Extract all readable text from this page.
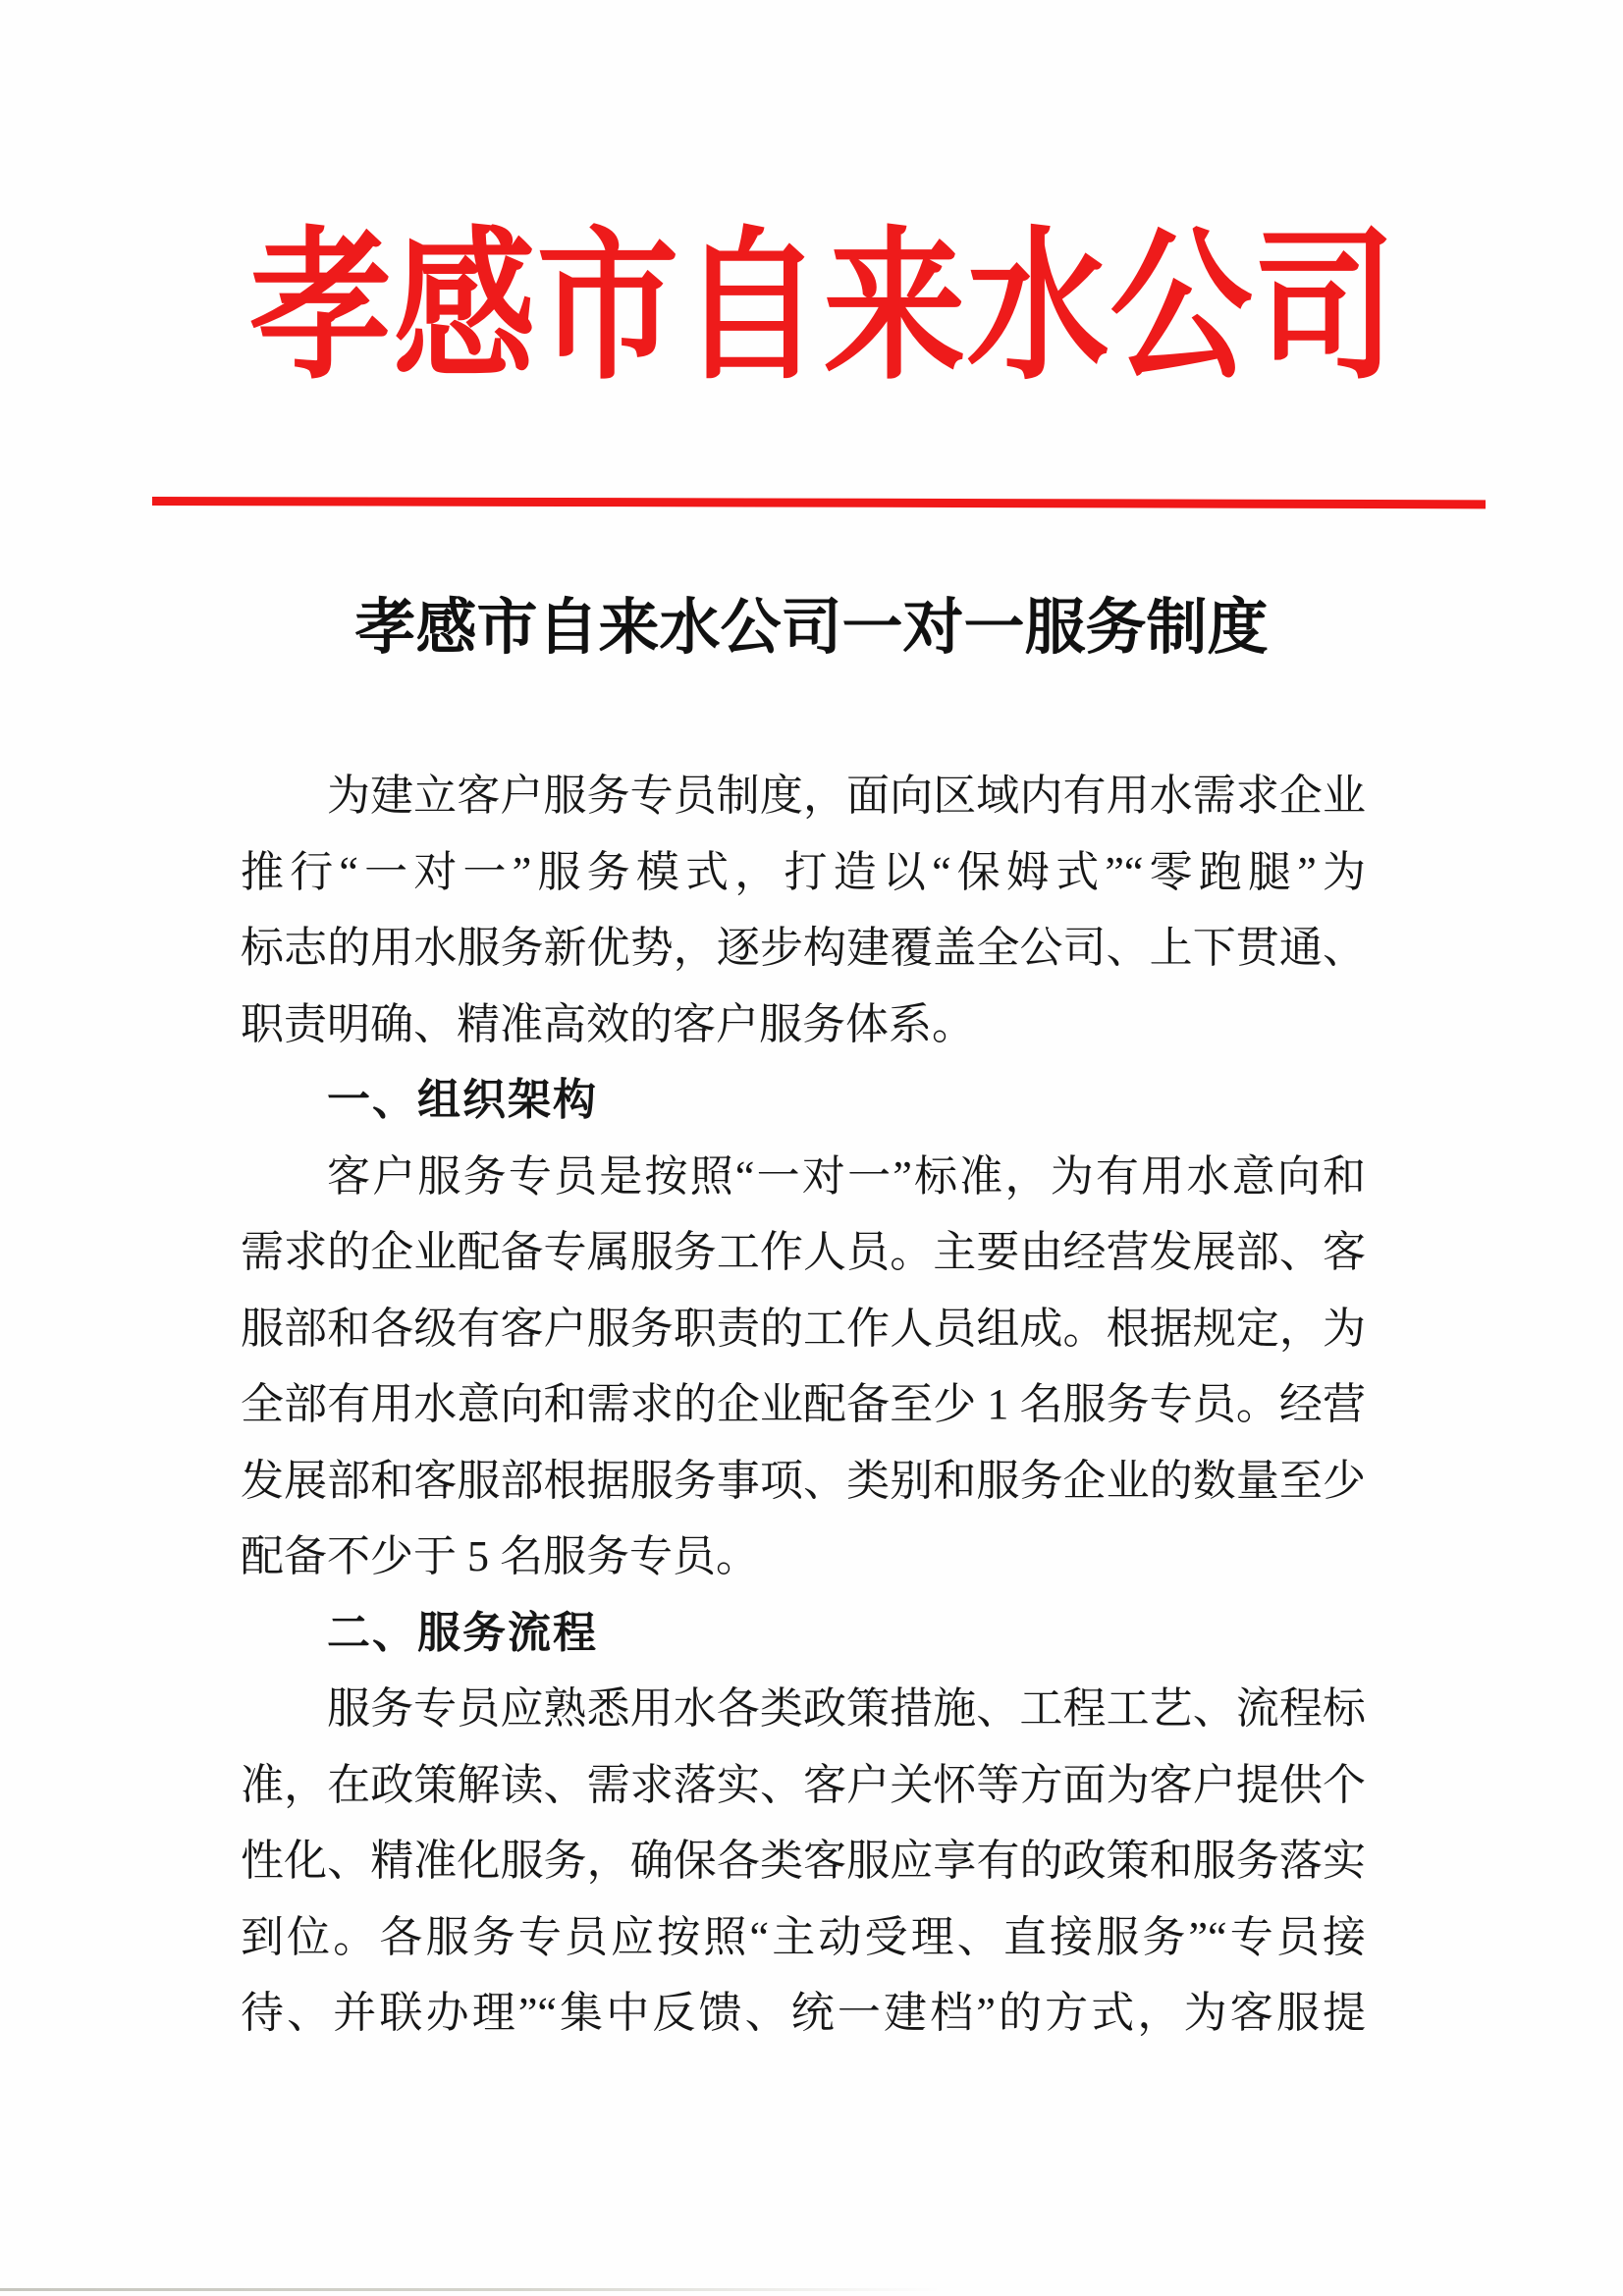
孝感市自来水公司
孝感市自来水公司一对一服务制度
为建立客户服务专员制度，面向区域内有用水需求企业
推行“一对一”服务模式，打造以“保姆式”“零跑腿”为
标志的用水服务新优势，逐步构建覆盖全公司、上下贯通、
职责明确、精准高效的客户服务体系。
一、组织架构
客户服务专员是按照“一对一”标准，为有用水意向和
需求的企业配备专属服务工作人员。主要由经营发展部、客
服部和各级有客户服务职责的工作人员组成。根据规定，为
全部有用水意向和需求的企业配备至少 1 名服务专员。经营
发展部和客服部根据服务事项、类别和服务企业的数量至少
配备不少于 5 名服务专员。
二、服务流程
服务专员应熟悉用水各类政策措施、工程工艺、流程标
准，在政策解读、需求落实、客户关怀等方面为客户提供个
性化、精准化服务，确保各类客服应享有的政策和服务落实
到位。各服务专员应按照“主动受理、直接服务”“专员接
待、并联办理”“集中反馈、统一建档”的方式，为客服提
